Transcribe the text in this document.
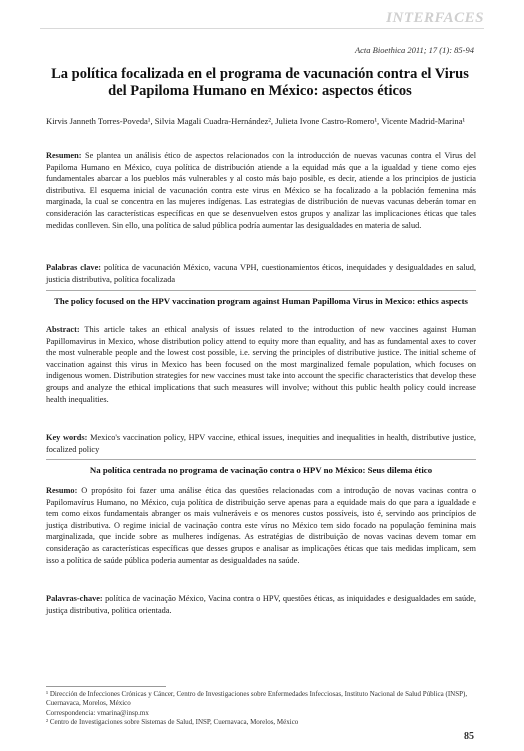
INTERFACES
Acta Bioethica 2011; 17 (1): 85-94
La política focalizada en el programa de vacunación contra el Virus del Papiloma Humano en México: aspectos éticos
Kirvis Janneth Torres-Poveda¹, Silvia Magali Cuadra-Hernández², Julieta Ivone Castro-Romero¹, Vicente Madrid-Marina¹

Resumen: Se plantea un análisis ético de aspectos relacionados con la introducción de nuevas vacunas contra el Virus del Papiloma Humano en México, cuya política de distribución atiende a la equidad más que a la igualdad y tiene como ejes fundamentales abarcar a los pueblos más vulnerables y al costo más bajo posible, es decir, atiende a los principios de justicia distributiva. El esquema inicial de vacunación contra este virus en México se ha focalizado a la población femenina más marginada, la cual se concentra en las mujeres indígenas. Las estrategias de distribución de nuevas vacunas deberán tomar en consideración las características específicas en que se desenvuelven estos grupos y analizar las implicaciones éticas que tales medidas conlleven. Sin ello, una política de salud pública podría aumentar las desigualdades en materia de salud.

Palabras clave: política de vacunación México, vacuna VPH, cuestionamientos éticos, inequidades y desigualdades en salud, justicia distributiva, política focalizada

The policy focused on the HPV vaccination program against Human Papilloma Virus in Mexico: ethics aspects

Abstract: This article takes an ethical analysis of issues related to the introduction of new vaccines against Human Papillomavirus in Mexico, whose distribution policy attend to equity more than equality, and has as fundamental axes to cover the most vulnerable people and the lowest cost possible, i.e. serving the principles of distributive justice. The initial scheme of vaccination against this virus in Mexico has been focused on the most marginalized female population, which focuses on indigenous women. Distribution strategies for new vaccines must take into account the specific characteristics that develop these groups and analyze the ethical implications that such measures will involve; without this public health policy could increase health inequalities.

Key words: Mexico's vaccination policy, HPV vaccine, ethical issues, inequities and inequalities in health, distributive justice, focalized policy

Na política centrada no programa de vacinação contra o HPV no México: Seus dilema ético

Resumo: O propósito foi fazer uma análise ética das questões relacionadas com a introdução de novas vacinas contra o Papilomavírus Humano, no México, cuja política de distribuição serve apenas para a equidade mais do que para a igualdade e tem como eixos fundamentais abranger os mais vulneráveis e os menores custos possíveis, isto é, servindo aos princípios de justiça distributiva. O regime inicial de vacinação contra este vírus no México tem sido focado na população feminina mais marginalizada, que incide sobre as mulheres indígenas. As estratégias de distribuição de novas vacinas devem tomar em consideração as características específicas que desses grupos e analisar as implicações éticas que tais medidas implicam, sem isso a política de saúde pública poderia aumentar as desigualdades na saúde.

Palavras-chave: política de vacinação México, Vacina contra o HPV, questões éticas, as iniquidades e desigualdades em saúde, justiça distributiva, política orientada.

¹ Dirección de Infecciones Crónicas y Cáncer, Centro de Investigaciones sobre Enfermedades Infecciosas, Instituto Nacional de Salud Pública (INSP), Cuernavaca, Morelos, México
Correspondencia: vmarina@insp.mx
² Centro de Investigaciones sobre Sistemas de Salud, INSP, Cuernavaca, Morelos, México
85
